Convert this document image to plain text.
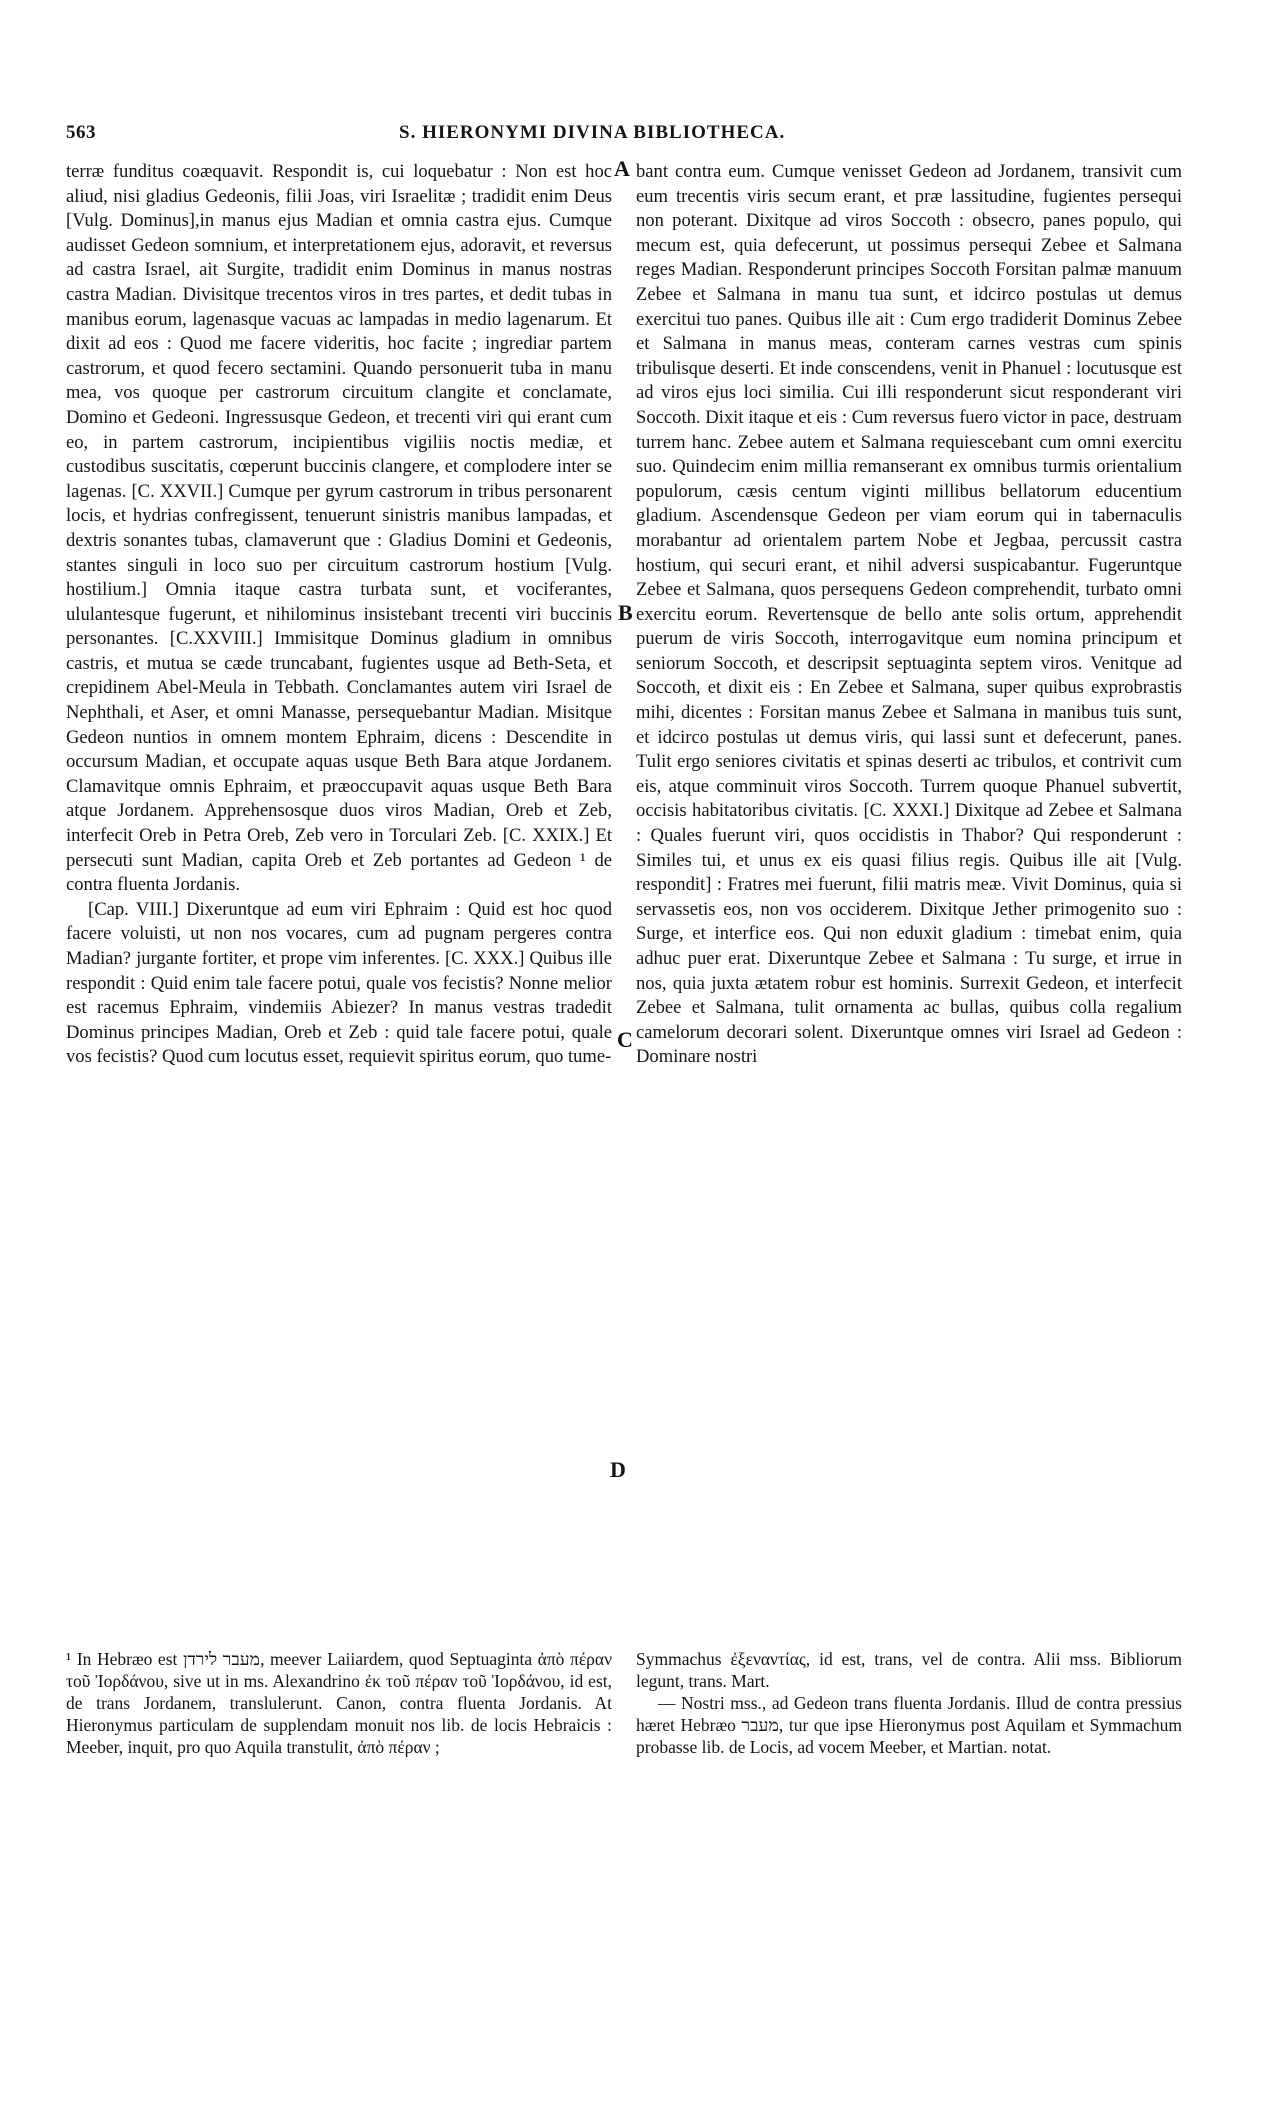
563	S. HIERONYMI DIVINA BIBLIOTHECA.

terræ funditus coæquavit. Respondit is, cui loquebatur : Non est hoc aliud, nisi gladius Gedeonis, filii Joas, viri Israelitæ ; tradidit enim Deus [Vulg. Dominus],in manus ejus Madian et omnia castra ejus. Cumque audisset Gedeon somnium, et interpretationem ejus, adoravit, et reversus ad castra Israel, ait Surgite, tradidit enim Dominus in manus nostras castra Madian. Divisitque trecentos viros in tres partes, et dedit tubas in manibus eorum, lagenasque vacuas ac lampadas in medio lagenarum. Et dixit ad eos : Quod me facere videritis, hoc facite ; ingrediar partem castrorum, et quod fecero sectamini. Quando personuerit tuba in manu mea, vos quoque per castrorum circuitum clangite et conclamate, Domino et Gedeoni. Ingressusque Gedeon, et trecenti viri qui erant cum eo, in partem castrorum, incipientibus vigiliis noctis mediæ, et custodibus suscitatis, cœperunt buccinis clangere, et complodere inter se lagenas. [C. XXVII.] Cumque per gyrum castrorum in tribus personarent locis, et hydrias confregissent, tenuerunt sinistris manibus lampadas, et dextris sonantes tubas, clamaverunt que : Gladius Domini et Gedeonis, stantes singuli in loco suo per circuitum castrorum hostium [Vulg. hostilium.] Omnia itaque castra turbata sunt, et vociferantes, ululantesque fugerunt, et nihilominus insistebant trecenti viri buccinis personantes. [C.XXVIII.] Immisitque Dominus gladium in omnibus castris, et mutua se cæde truncabant, fugientes usque ad Beth-Seta, et crepidinem Abel-Meula in Tebbath. Conclamantes autem viri Israel de Nephthali, et Aser, et omni Manasse, persequebantur Madian. Misitque Gedeon nuntios in omnem montem Ephraim, dicens : Descendite in occursum Madian, et occupate aquas usque Beth Bara atque Jordanem. Clamavitque omnis Ephraim, et præoccupavit aquas usque Beth Bara atque Jordanem. Apprehensosque duos viros Madian, Oreb et Zeb, interfecit Oreb in Petra Oreb, Zeb vero in Torculari Zeb. [C. XXIX.] Et persecuti sunt Madian, capita Oreb et Zeb portantes ad Gedeon ¹ de contra fluenta Jordanis.

[Cap. VIII.] Dixeruntque ad eum viri Ephraim : Quid est hoc quod facere voluisti, ut non nos vocares, cum ad pugnam pergeres contra Madian? jurgante fortiter, et prope vim inferentes. [C. XXX.] Quibus ille respondit : Quid enim tale facere potui, quale vos fecistis? Nonne melior est racemus Ephraim, vindemiis Abiezer? In manus vestras tradedit Dominus principes Madian, Oreb et Zeb : quid tale facere potui, quale vos fecistis? Quod cum locutus esset, requievit spiritus eorum, quo tume-

A
B
C
D

bant contra eum. Cumque venisset Gedeon ad Jordanem, transivit cum eum trecentis viris secum erant, et præ lassitudine, fugientes persequi non poterant. Dixitque ad viros Soccoth : obsecro, panes populo, qui mecum est, quia defecerunt, ut possimus persequi Zebee et Salmana reges Madian. Responderunt principes Soccoth Forsitan palmæ manuum Zebee et Salmana in manu tua sunt, et idcirco postulas ut demus exercitui tuo panes. Quibus ille ait : Cum ergo tradiderit Dominus Zebee et Salmana in manus meas, conteram carnes vestras cum spinis tribulisque deserti. Et inde conscendens, venit in Phanuel : locutusque est ad viros ejus loci similia. Cui illi responderunt sicut responderant viri Soccoth. Dixit itaque et eis : Cum reversus fuero victor in pace, destruam turrem hanc. Zebee autem et Salmana requiescebant cum omni exercitu suo. Quindecim enim millia remanserant ex omnibus turmis orientalium populorum, cæsis centum viginti millibus bellatorum educentium gladium. Ascendensque Gedeon per viam eorum qui in tabernaculis morabantur ad orientalem partem Nobe et Jegbaa, percussit castra hostium, qui securi erant, et nihil adversi suspicabantur. Fugeruntque Zebee et Salmana, quos persequens Gedeon comprehendit, turbato omni exercitu eorum. Revertensque de bello ante solis ortum, apprehendit puerum de viris Soccoth, interrogavitque eum nomina principum et seniorum Soccoth, et descripsit septuaginta septem viros. Venitque ad Soccoth, et dixit eis : En Zebee et Salmana, super quibus exprobrastis mihi, dicentes : Forsitan manus Zebee et Salmana in manibus tuis sunt, et idcirco postulas ut demus viris, qui lassi sunt et defecerunt, panes. Tulit ergo seniores civitatis et spinas deserti ac tribulos, et contrivit cum eis, atque comminuit viros Soccoth. Turrem quoque Phanuel subvertit, occisis habitatoribus civitatis. [C. XXXI.] Dixitque ad Zebee et Salmana : Quales fuerunt viri, quos occidistis in Thabor? Qui responderunt : Similes tui, et unus ex eis quasi filius regis. Quibus ille ait [Vulg. respondit] : Fratres mei fuerunt, filii matris meæ. Vivit Dominus, quia si servassetis eos, non vos occiderem. Dixitque Jether primogenito suo : Surge, et interfice eos. Qui non eduxit gladium : timebat enim, quia adhuc puer erat. Dixeruntque Zebee et Salmana : Tu surge, et irrue in nos, quia juxta ætatem robur est hominis. Surrexit Gedeon, et interfecit Zebee et Salmana, tulit ornamenta ac bullas, quibus colla regalium camelorum decorari solent. Dixeruntque omnes viri Israel ad Gedeon : Dominare nostri

¹ In Hebræo est מעבר לירדן, meever Laiiardem, quod Septuaginta ἀπὸ πέραν τοῦ Ἰορδάνου, sive ut in ms. Alexandrino ἐκ τοῦ πέραν τοῦ Ἰορδάνου, id est, de trans Jordanem, translulerunt. Canon, contra fluenta Jordanis. At Hieronymus particulam de supplendam monuit nos lib. de locis Hebraicis : Meeber, inquit, pro quo Aquila transtulit, ἀπὸ πέραν ;

Symmachus ἐξεναντίας, id est, trans, vel de contra. Alii mss. Bibliorum legunt, trans. Mart.

— Nostri mss., ad Gedeon trans fluenta Jordanis. Illud de contra pressius hæret Hebræo מעבר, tur que ipse Hieronymus post Aquilam et Symmachum probasse lib. de Locis, ad vocem Meeber, et Martian. notat.
